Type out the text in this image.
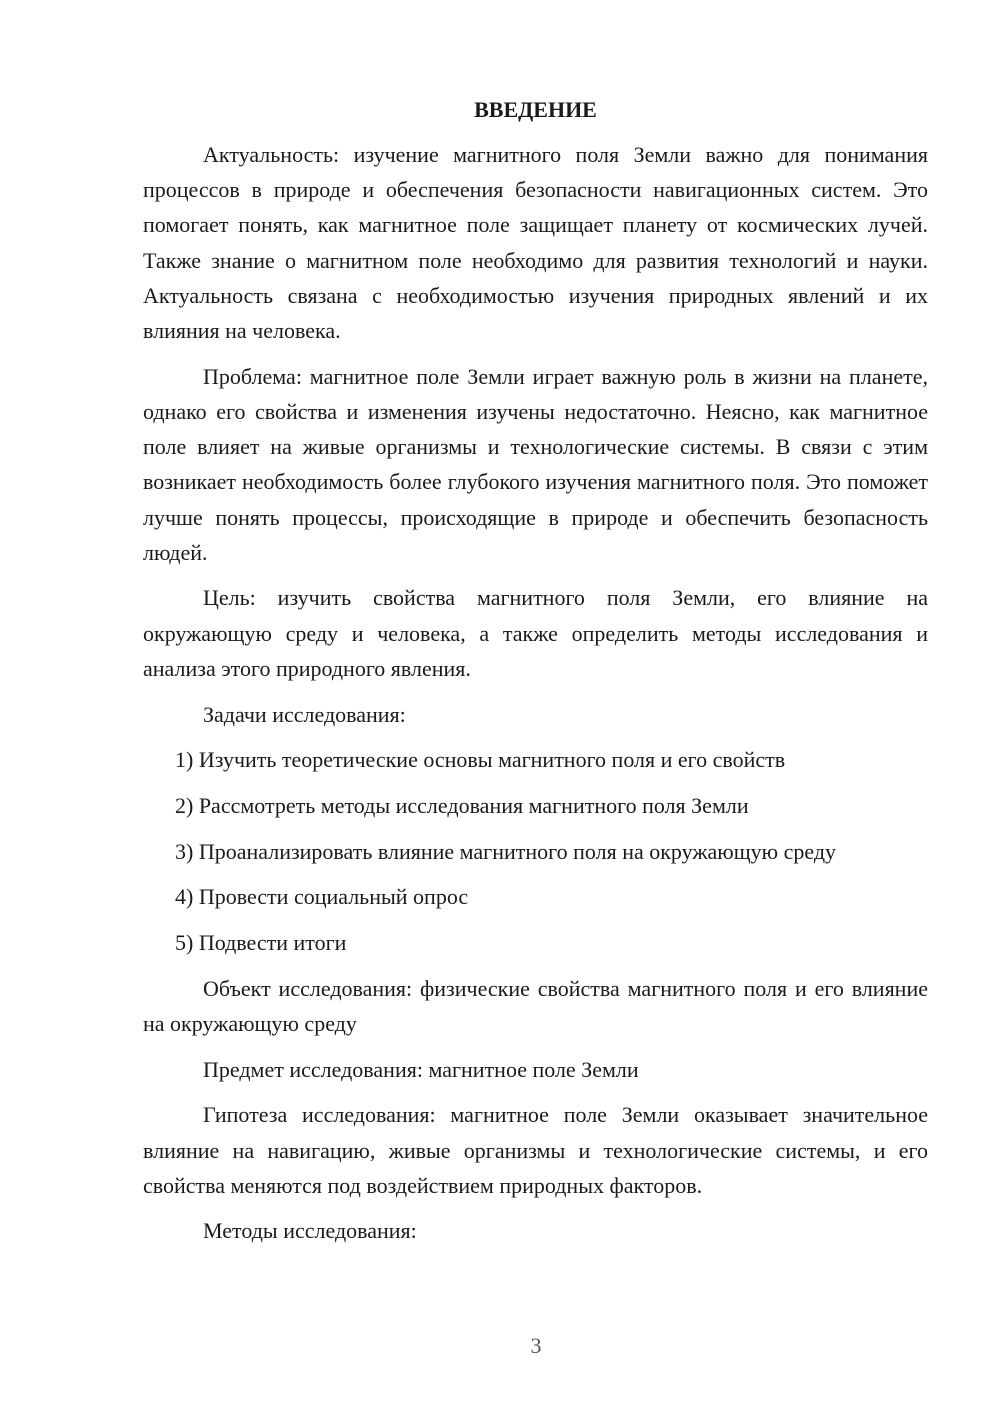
ВВЕДЕНИЕ

Актуальность: изучение магнитного поля Земли важно для понимания процессов в природе и обеспечения безопасности навигационных систем. Это помогает понять, как магнитное поле защищает планету от космических лучей. Также знание о магнитном поле необходимо для развития технологий и науки. Актуальность связана с необходимостью изучения природных явлений и их влияния на человека.

Проблема: магнитное поле Земли играет важную роль в жизни на планете, однако его свойства и изменения изучены недостаточно. Неясно, как магнитное поле влияет на живые организмы и технологические системы. В связи с этим возникает необходимость более глубокого изучения магнитного поля. Это поможет лучше понять процессы, происходящие в природе и обеспечить безопасность людей.

Цель: изучить свойства магнитного поля Земли, его влияние на окружающую среду и человека, а также определить методы исследования и анализа этого природного явления.

Задачи исследования:

1) Изучить теоретические основы магнитного поля и его свойств
2) Рассмотреть методы исследования магнитного поля Земли
3) Проанализировать влияние магнитного поля на окружающую среду
4) Провести социальный опрос
5) Подвести итоги

Объект исследования: физические свойства магнитного поля и его влияние на окружающую среду

Предмет исследования: магнитное поле Земли

Гипотеза исследования: магнитное поле Земли оказывает значительное влияние на навигацию, живые организмы и технологические системы, и его свойства меняются под воздействием природных факторов.

Методы исследования:

3
